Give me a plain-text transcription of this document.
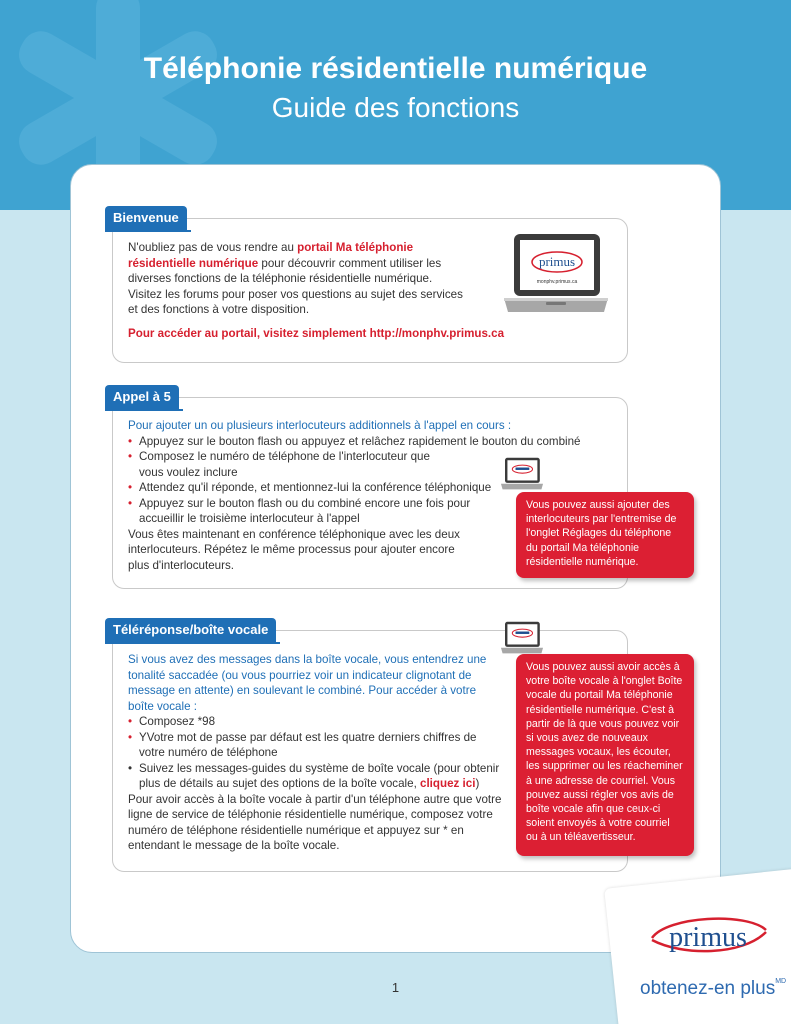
Téléphonie résidentielle numérique
Guide des fonctions
Bienvenue
N'oubliez pas de vous rendre au portail Ma téléphonie résidentielle numérique pour découvrir comment utiliser les diverses fonctions de la téléphonie résidentielle numérique.
Visitez les forums pour poser vos questions au sujet des services et des fonctions à votre disposition.
Pour accéder au portail, visitez simplement http://monphv.primus.ca
primus
monphv.primus.ca
Appel à 5
Pour ajouter un ou plusieurs interlocuteurs additionnels à l'appel en cours :
• Appuyez sur le bouton flash ou appuyez et relâchez rapidement le bouton du combiné
• Composez le numéro de téléphone de l'interlocuteur que vous voulez inclure
• Attendez qu'il réponde, et mentionnez-lui la conférence téléphonique
• Appuyez sur le bouton flash ou du combiné encore une fois pour accueillir le troisième interlocuteur à l'appel
Vous êtes maintenant en conférence téléphonique avec les deux interlocuteurs. Répétez le même processus pour ajouter encore plus d'interlocuteurs.
Vous pouvez aussi ajouter des interlocuteurs par l'entremise de l'onglet Réglages du téléphone du portail Ma téléphonie résidentielle numérique.
Téléréponse/boîte vocale
Si vous avez des messages dans la boîte vocale, vous entendrez une tonalité saccadée (ou vous pourriez voir un indicateur clignotant de message en attente) en soulevant le combiné. Pour accéder à votre boîte vocale :
• Composez *98
• YVotre mot de passe par défaut est les quatre derniers chiffres de votre numéro de téléphone
• Suivez les messages-guides du système de boîte vocale (pour obtenir plus de détails au sujet des options de la boîte vocale, cliquez ici)
Pour avoir accès à la boîte vocale à partir d'un téléphone autre que votre ligne de service de téléphonie résidentielle numérique, composez votre numéro de téléphone résidentielle numérique et appuyez sur * en entendant le message de la boîte vocale.
Vous pouvez aussi avoir accès à votre boîte vocale à l'onglet Boîte vocale du portail Ma téléphonie résidentielle numérique. C'est à partir de là que vous pouvez voir si vous avez de nouveaux messages vocaux, les écouter, les supprimer ou les réacheminer à une adresse de courriel. Vous pouvez aussi régler vos avis de boîte vocale afin que ceux-ci soient envoyés à votre courriel ou à un téléavertisseur.
primus
obtenez-en plus$^{MD}$
1
